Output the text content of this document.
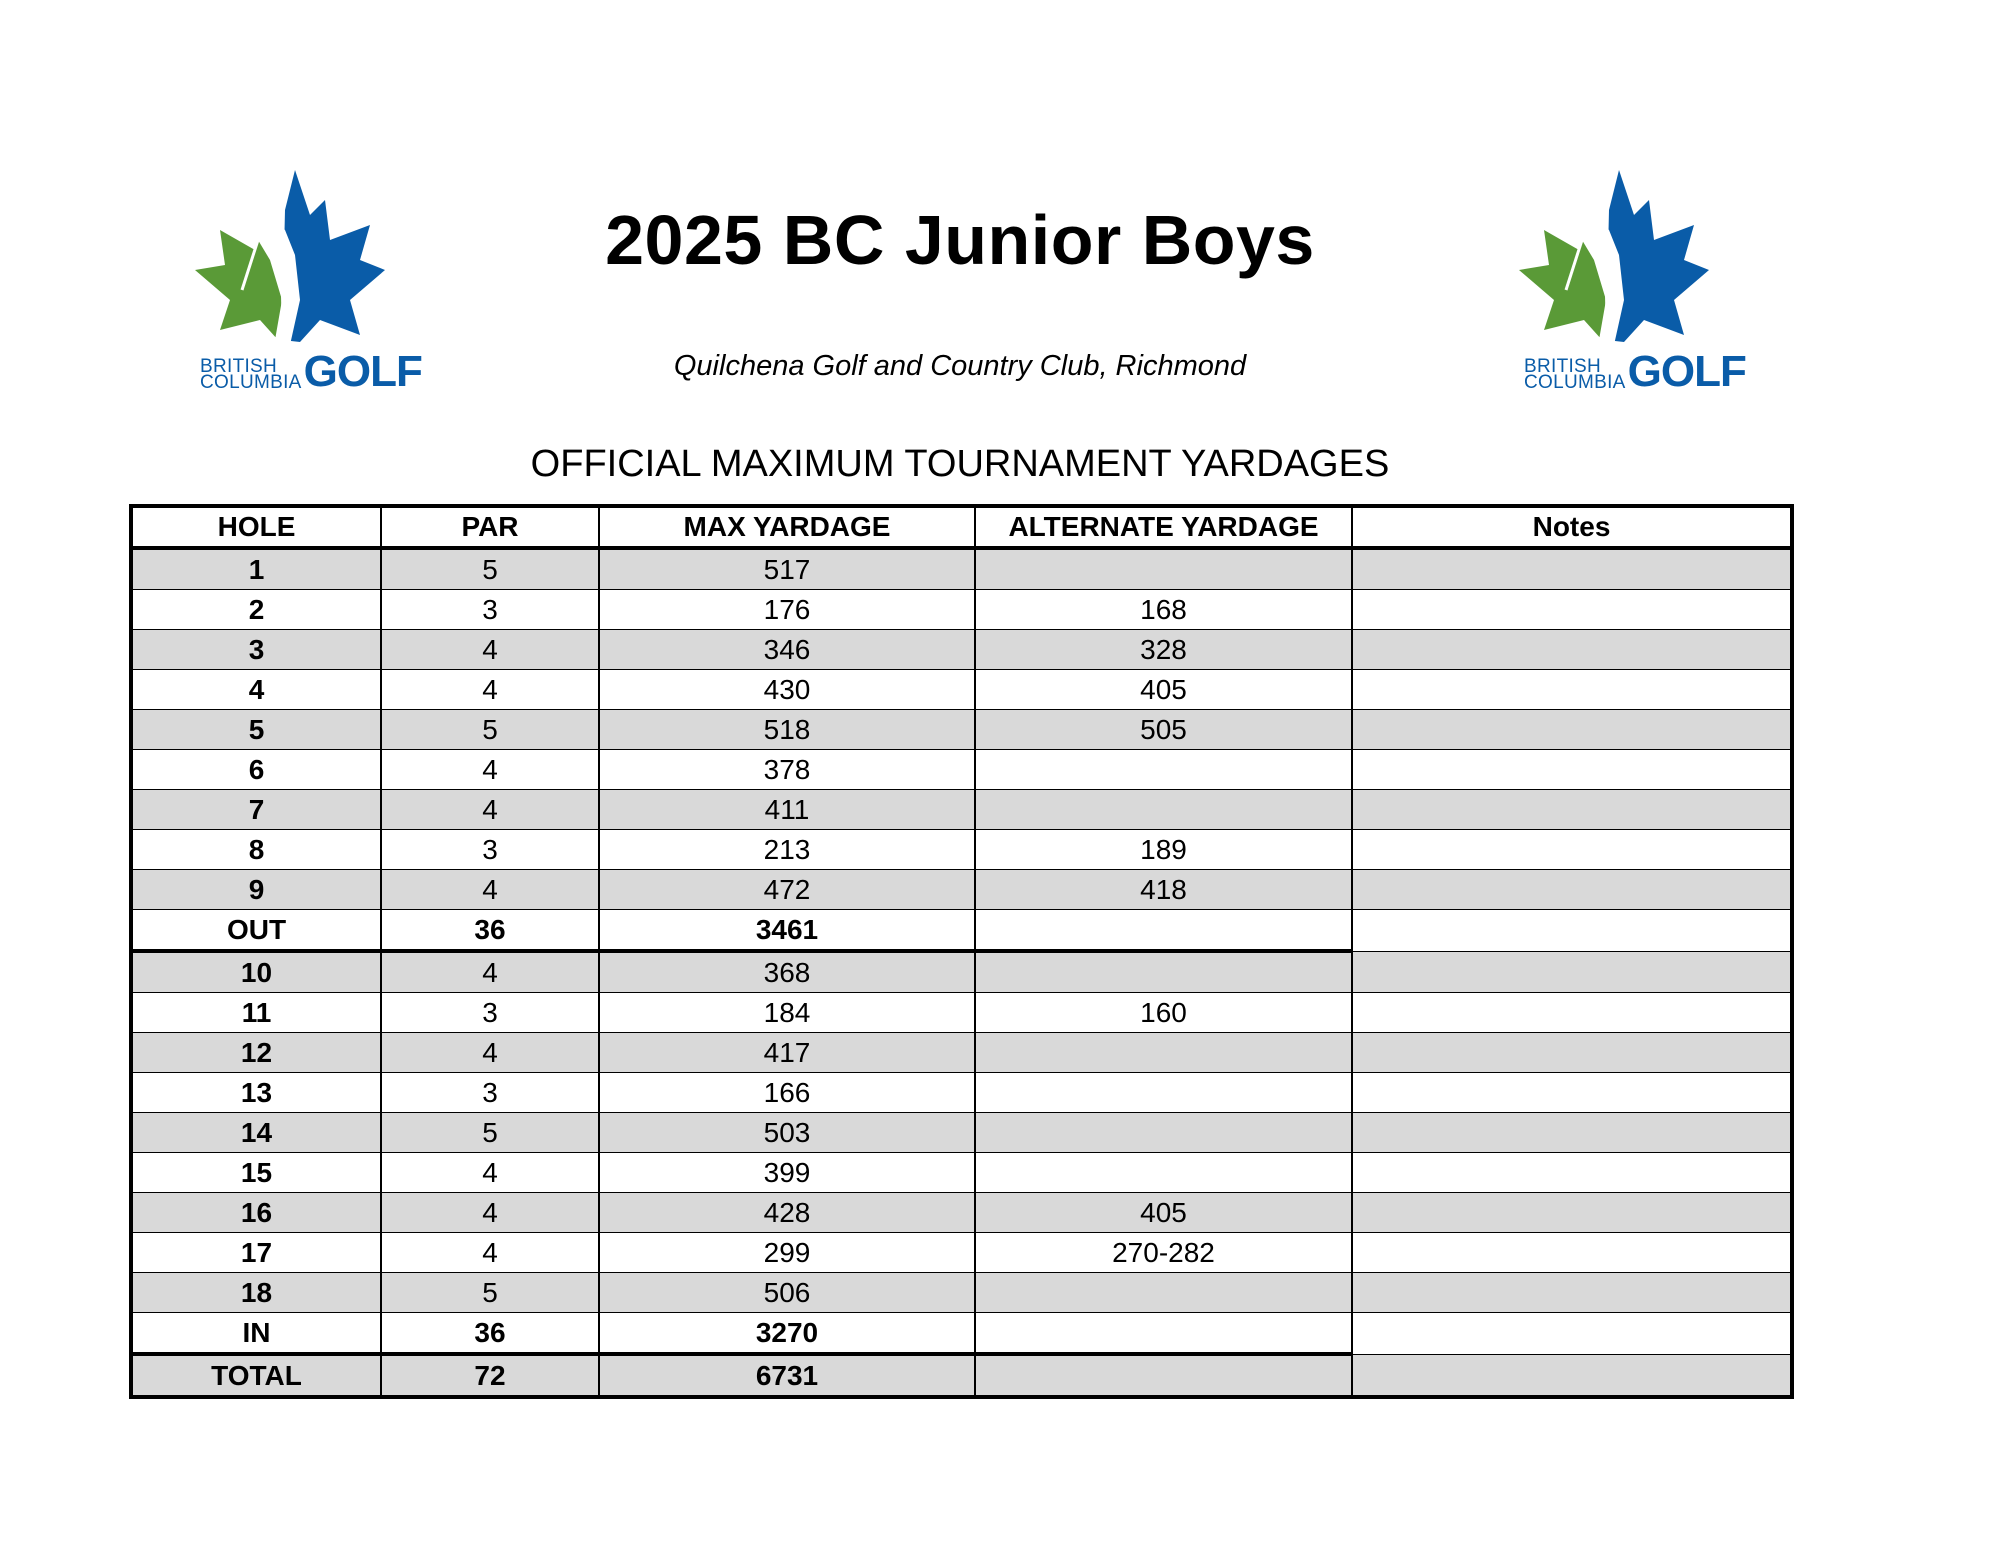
BRITISH
COLUMBIA GOLF	BRITISH
COLUMBIA GOLF
2025 BC Junior Boys
Quilchena Golf and Country Club, Richmond
OFFICIAL MAXIMUM TOURNAMENT YARDAGES
HOLE	PAR	MAX YARDAGE	ALTERNATE YARDAGE	Notes
1	5	517		
2	3	176	168	
3	4	346	328	
4	4	430	405	
5	5	518	505	
6	4	378		
7	4	411		
8	3	213	189	
9	4	472	418	
OUT	36	3461		
10	4	368		
11	3	184	160	
12	4	417		
13	3	166		
14	5	503		
15	4	399		
16	4	428	405	
17	4	299	270-282	
18	5	506		
IN	36	3270		
TOTAL	72	6731		
